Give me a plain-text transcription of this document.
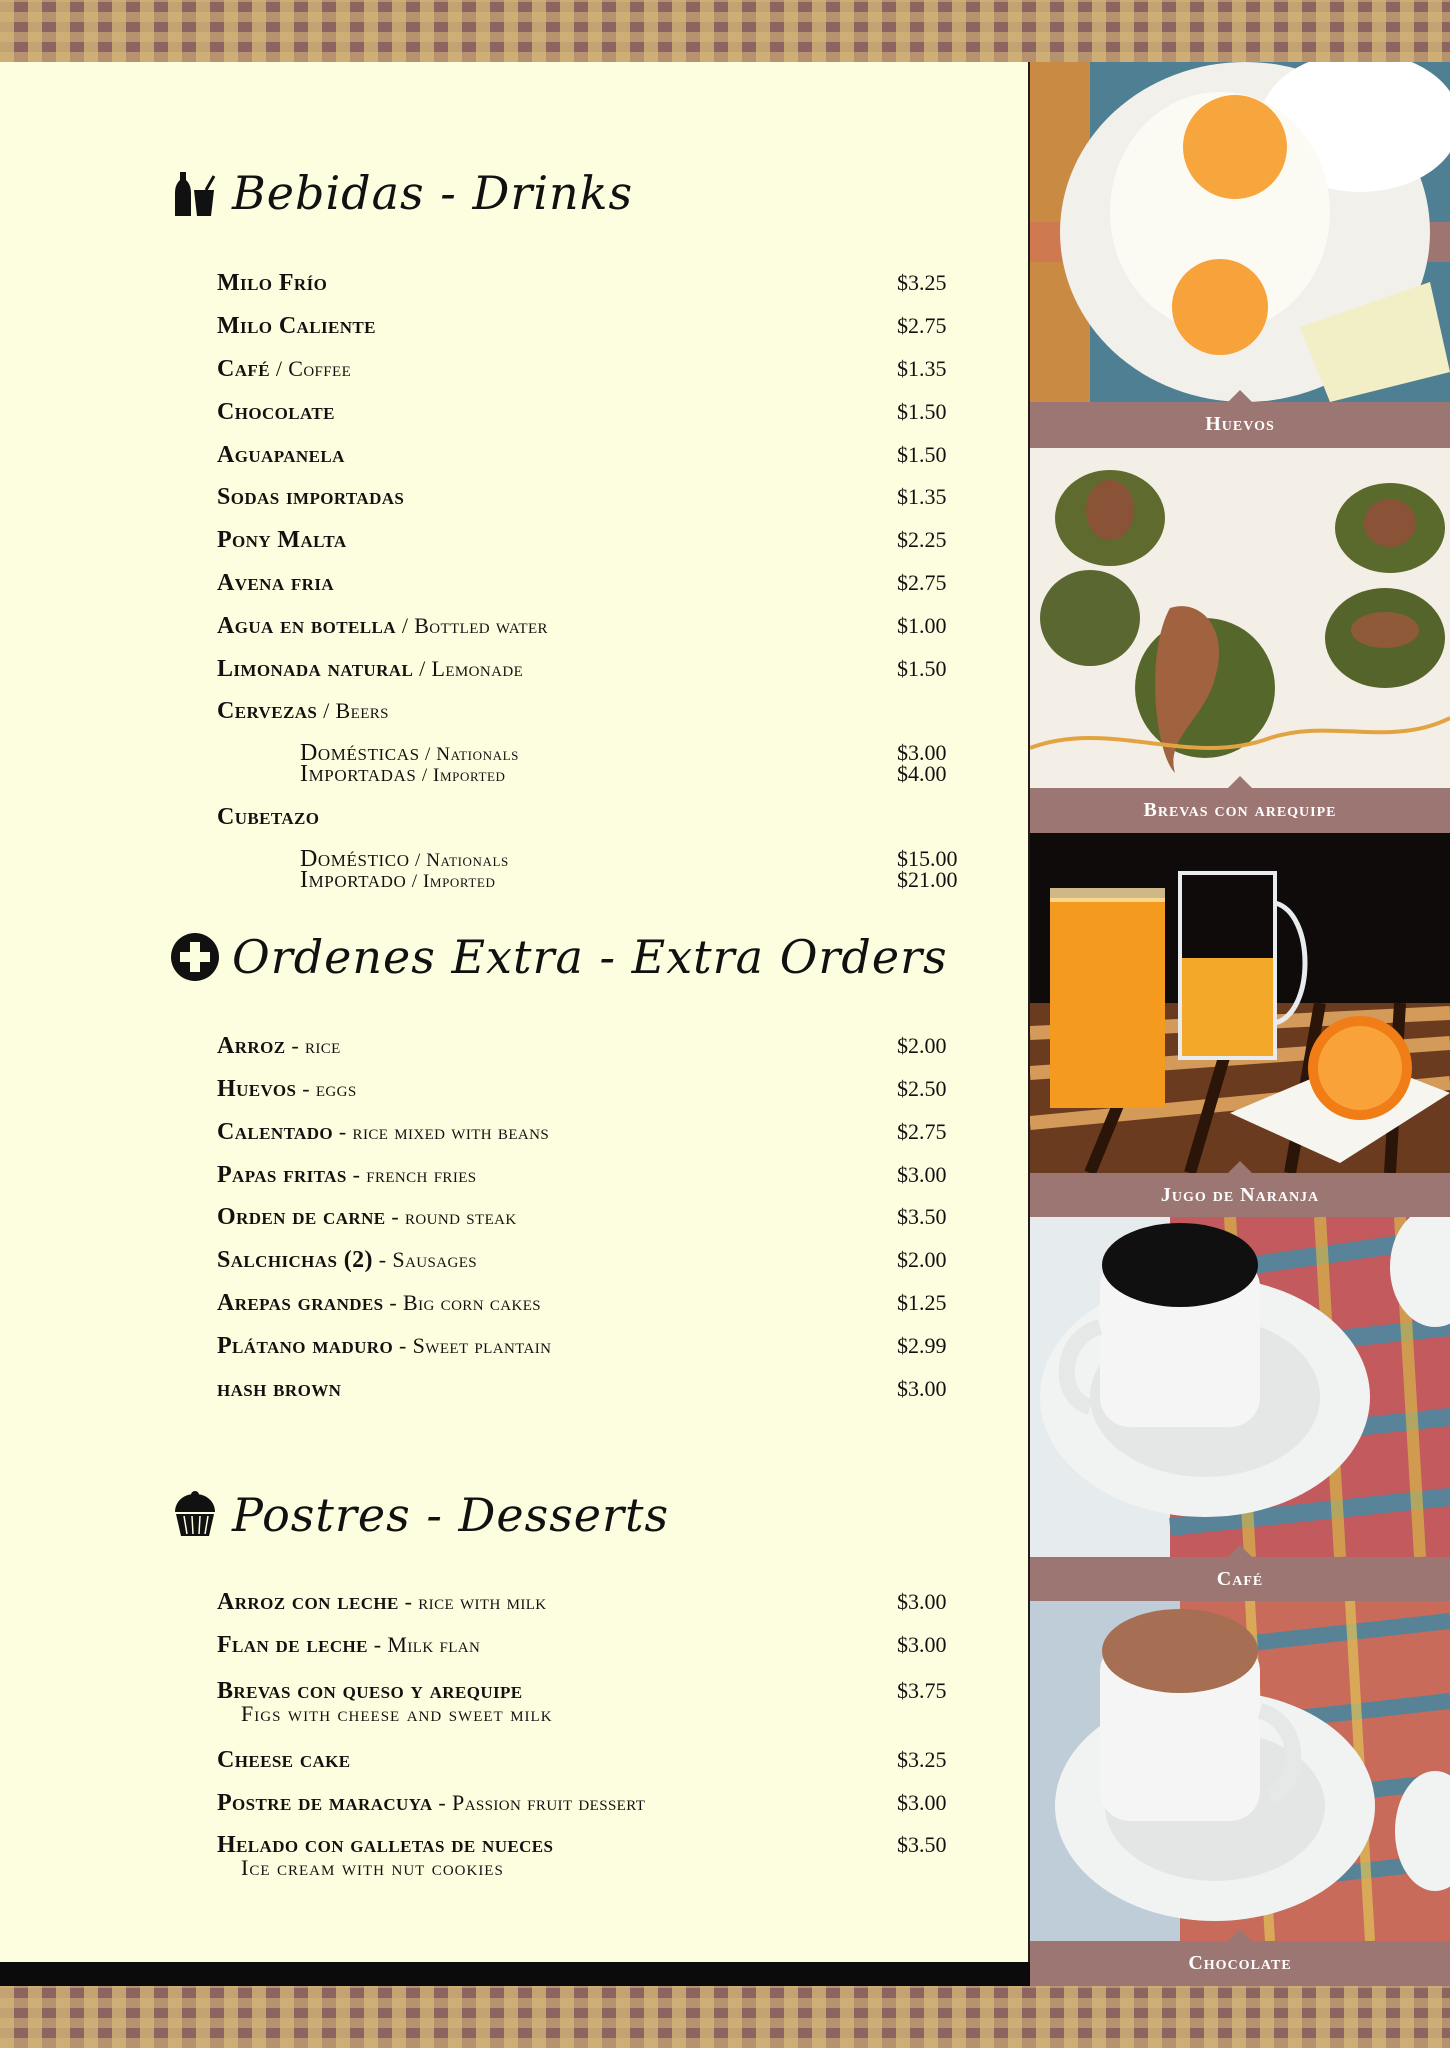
Bebidas - Drinks
Milo Frío	$3.25
Milo Caliente	$2.75
Café / Coffee	$1.35
Chocolate	$1.50
Aguapanela	$1.50
Sodas importadas	$1.35
Pony Malta	$2.25
Avena fria	$2.75
Agua en botella / Bottled water	$1.00
Limonada natural / Lemonade	$1.50
Cervezas / Beers
Domésticas / Nationals	$3.00
Importadas / Imported	$4.00
Cubetazo
Doméstico / Nationals	$15.00
Importado / Imported	$21.00
Ordenes Extra - Extra Orders
Arroz - rice	$2.00
Huevos - eggs	$2.50
Calentado - rice mixed with beans	$2.75
Papas fritas - french fries	$3.00
Orden de carne - round steak	$3.50
Salchichas (2) - Sausages	$2.00
Arepas grandes - Big corn cakes	$1.25
Plátano maduro - Sweet plantain	$2.99
hash brown	$3.00
Postres - Desserts
Arroz con leche - rice with milk	$3.00
Flan de leche - Milk flan	$3.00
Brevas con queso y arequipe	$3.75
Figs with cheese and sweet milk
Cheese cake	$3.25
Postre de maracuya - Passion fruit dessert	$3.00
Helado con galletas de nueces	$3.50
Ice cream with nut cookies
Huevos
Brevas con arequipe
Jugo de Naranja
Café
Chocolate
